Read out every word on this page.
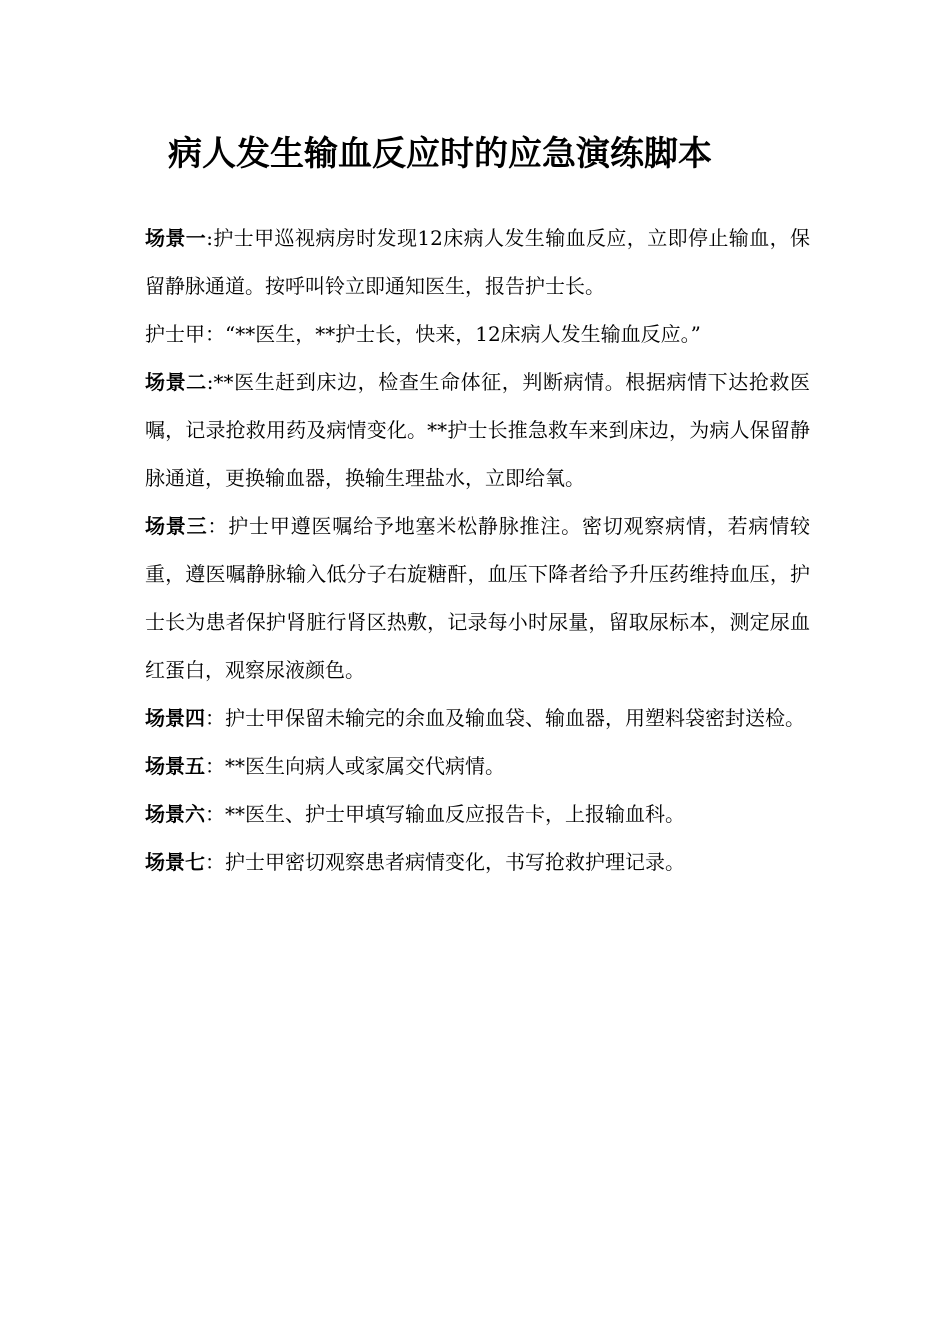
病人发生输血反应时的应急演练脚本

场景一:护士甲巡视病房时发现12床病人发生输血反应，立即停止输血，保留静脉通道。按呼叫铃立即通知医生，报告护士长。

护士甲：“**医生，**护士长，快来，12床病人发生输血反应。”

场景二:**医生赶到床边，检查生命体征，判断病情。根据病情下达抢救医嘱，记录抢救用药及病情变化。**护士长推急救车来到床边，为病人保留静脉通道，更换输血器，换输生理盐水，立即给氧。

场景三：护士甲遵医嘱给予地塞米松静脉推注。密切观察病情，若病情较重，遵医嘱静脉输入低分子右旋糖酐，血压下降者给予升压药维持血压，护士长为患者保护肾脏行肾区热敷，记录每小时尿量，留取尿标本，测定尿血红蛋白，观察尿液颜色。

场景四：护士甲保留未输完的余血及输血袋、输血器，用塑料袋密封送检。

场景五：**医生向病人或家属交代病情。

场景六：**医生、护士甲填写输血反应报告卡，上报输血科。

场景七：护士甲密切观察患者病情变化，书写抢救护理记录。
